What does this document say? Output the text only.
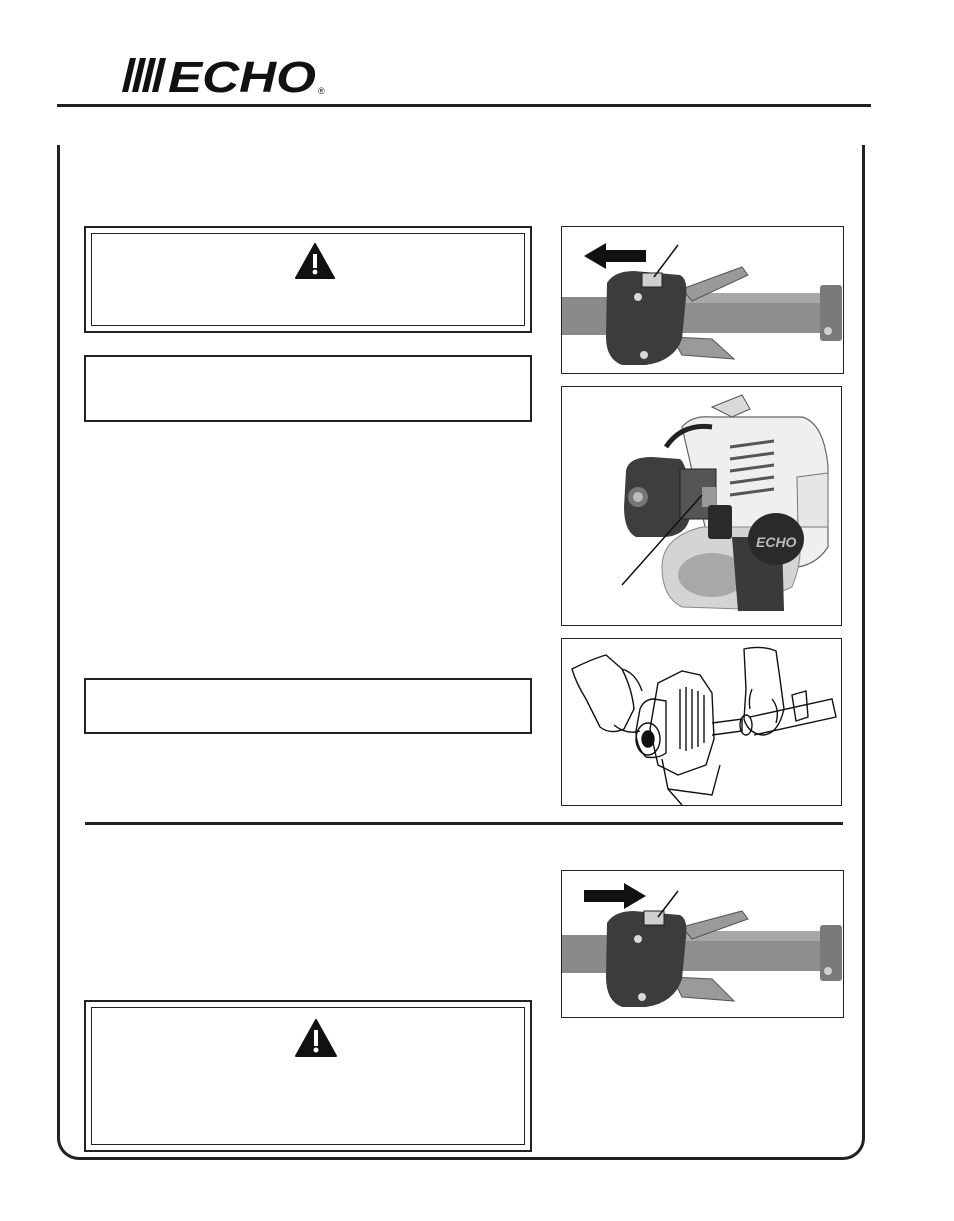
ECHO ®
ECHO
